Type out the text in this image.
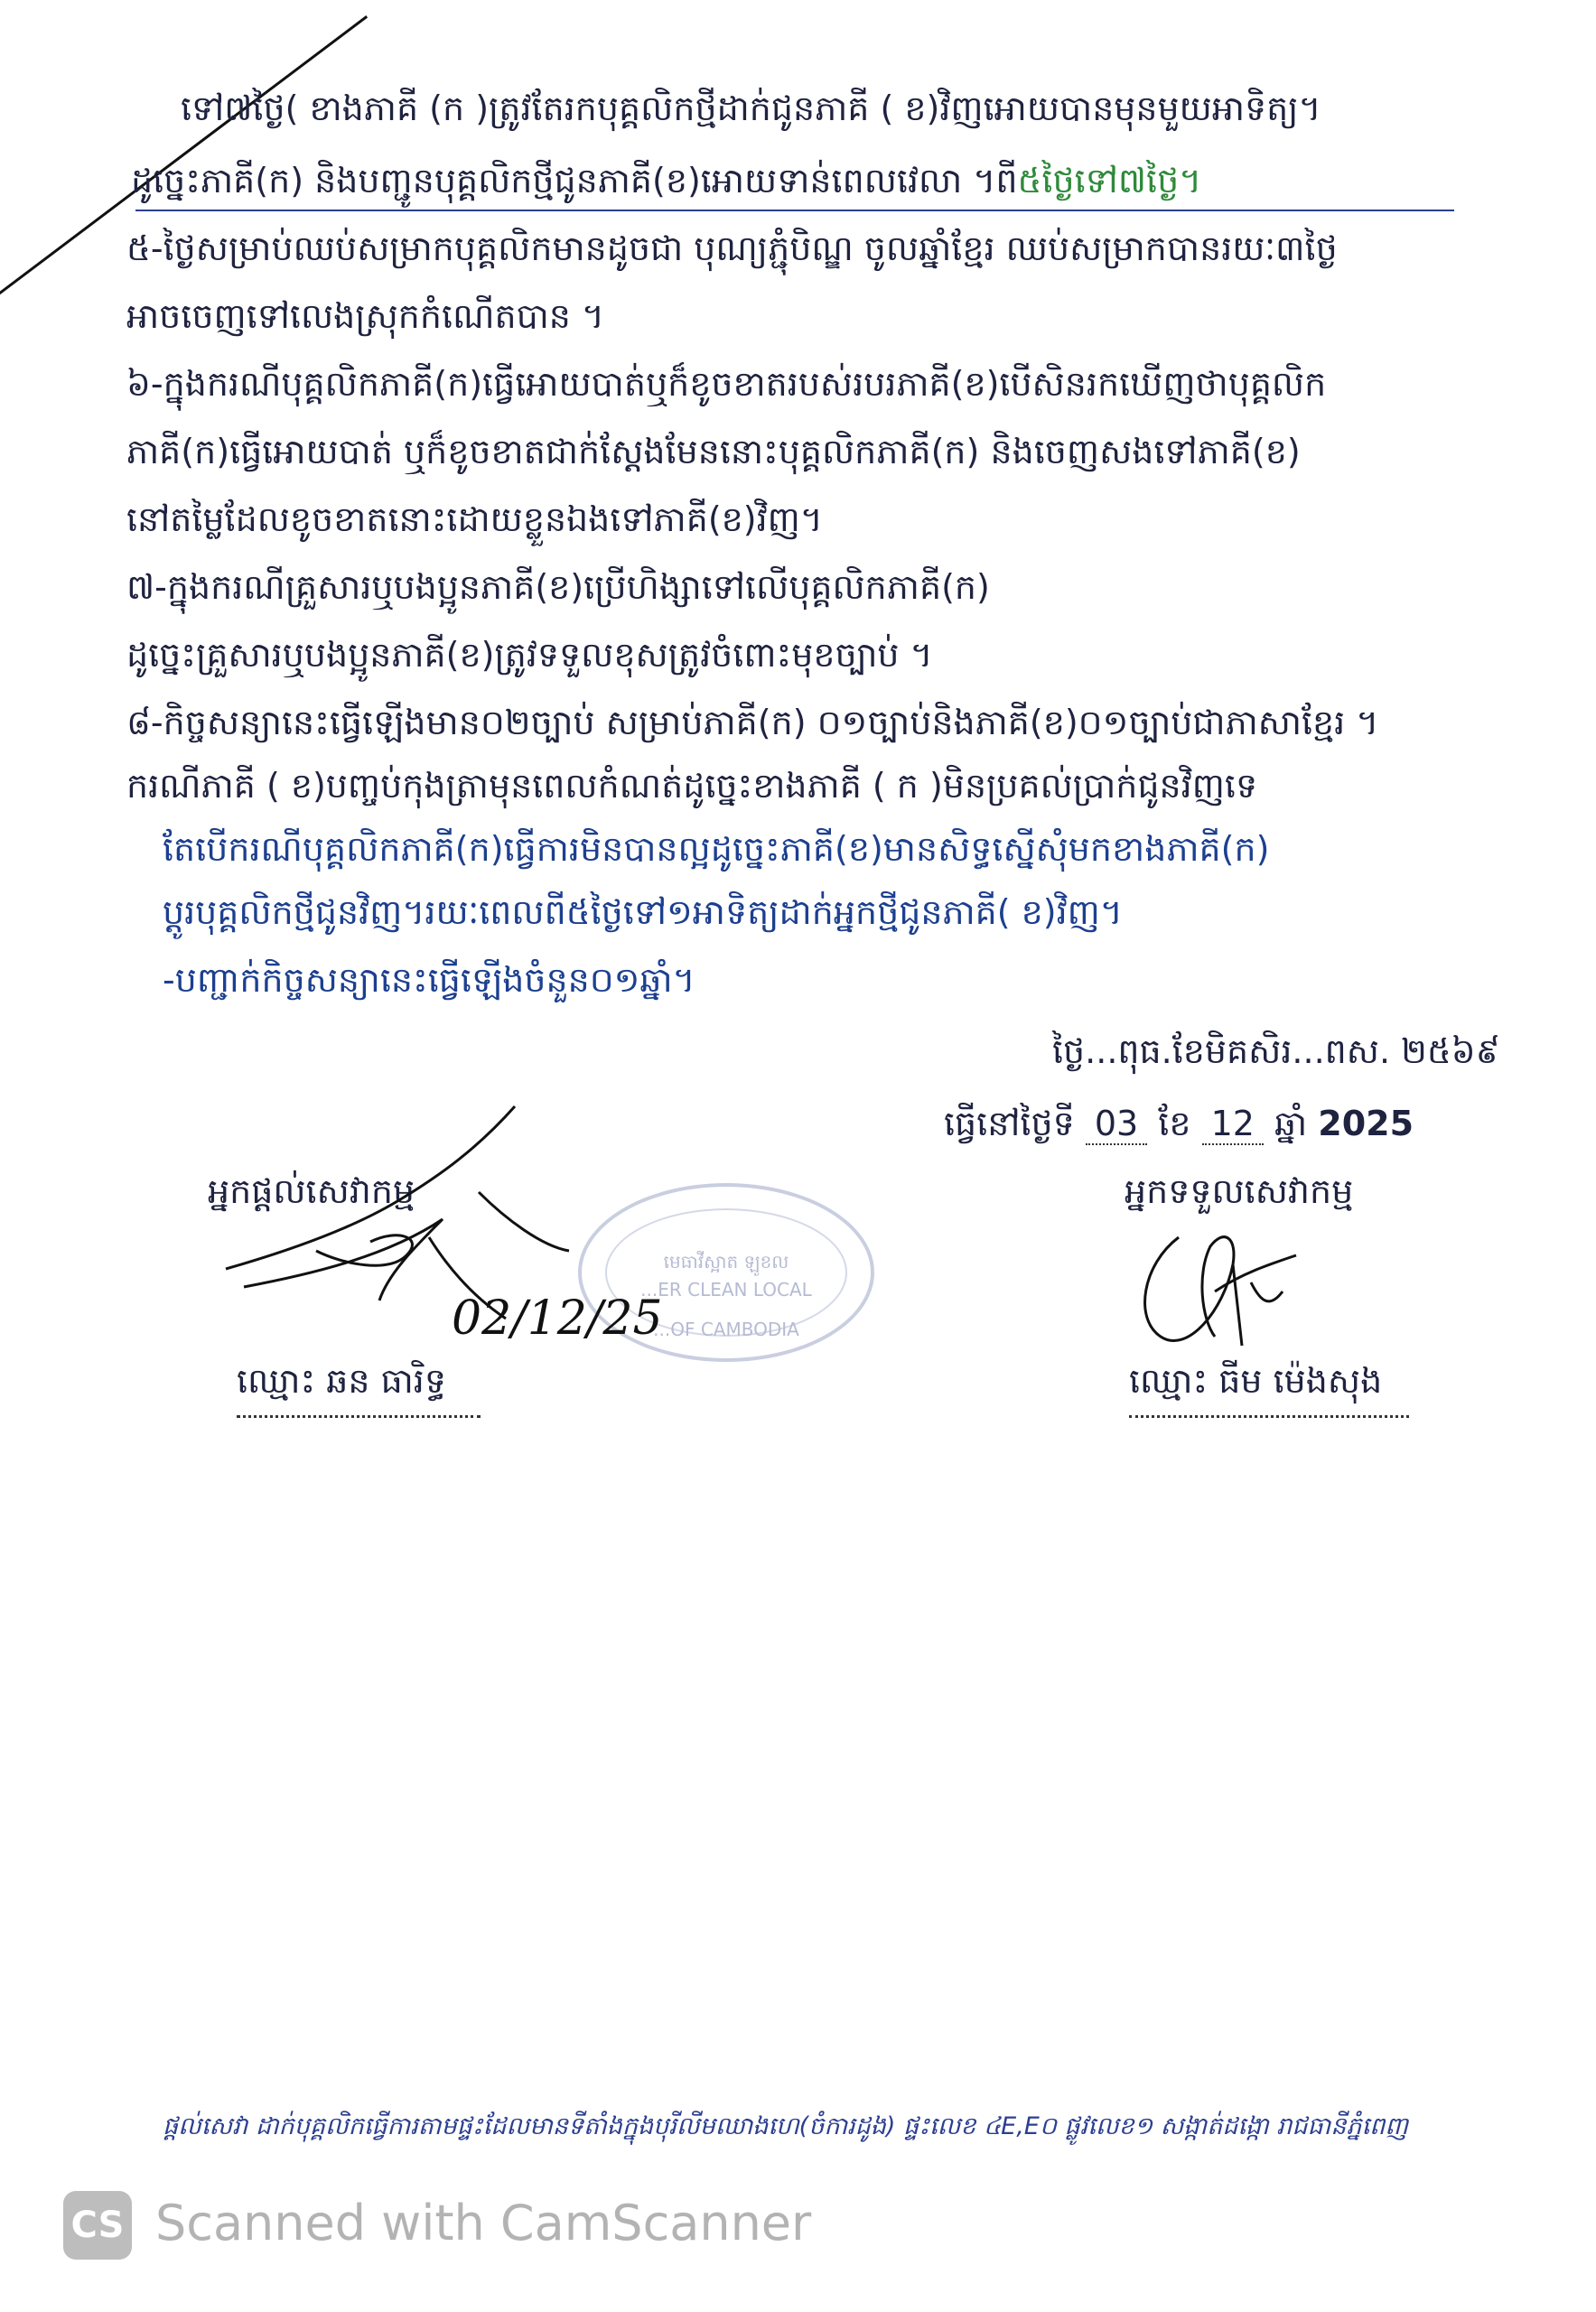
ទៅ៧ថ្ងៃ( ខាងភាគី (ក )ត្រូវតែរកបុគ្គលិកថ្មីដាក់ជូនភាគី ( ខ)វិញអោយបានមុនមួយអាទិត្យ។
ដូច្នេះភាគី(ក) និងបញ្ជូនបុគ្គលិកថ្មីជូនភាគី(ខ)អោយទាន់ពេលវេលា ។ពី៥ថ្ងៃទៅ៧ថ្ងៃ។
៥-ថ្ងៃសម្រាប់ឈប់សម្រាកបុគ្គលិកមានដូចជា បុណ្យភ្ជុំបិណ្ឌ ចូលឆ្នាំខ្មែរ ឈប់សម្រាកបានរយៈ៣ថ្ងៃ
អាចចេញទៅលេងស្រុកកំណើតបាន ។
៦-ក្នុងករណីបុគ្គលិកភាគី(ក)ធ្វើអោយបាត់ឬក៏ខូចខាតរបស់របរភាគី(ខ)បើសិនរកឃើញថាបុគ្គលិក
ភាគី(ក)ធ្វើអោយបាត់ ឬក៏ខូចខាតជាក់ស្តែងមែននោះបុគ្គលិកភាគី(ក) និងចេញសងទៅភាគី(ខ)
នៅតម្លៃដែលខូចខាតនោះដោយខ្លួនឯងទៅភាគី(ខ)វិញ។
៧-ក្នុងករណីគ្រួសារឬបងប្អូនភាគី(ខ)ប្រើហិង្សាទៅលើបុគ្គលិកភាគី(ក)
ដូច្នេះគ្រួសារឬបងប្អូនភាគី(ខ)ត្រូវទទួលខុសត្រូវចំពោះមុខច្បាប់ ។
៨-កិច្ចសន្យានេះធ្វើឡើងមាន០២ច្បាប់ សម្រាប់ភាគី(ក) ០១ច្បាប់និងភាគី(ខ)០១ច្បាប់ជាភាសាខ្មែរ ។
ករណីភាគី ( ខ)បញ្ចប់កុងត្រាមុនពេលកំណត់ដូច្នេះខាងភាគី ( ក )មិនប្រគល់ប្រាក់ជូនវិញទេ
តែបើករណីបុគ្គលិកភាគី(ក)ធ្វើការមិនបានល្អដូច្នេះភាគី(ខ)មានសិទ្ធស្នើសុំមកខាងភាគី(ក)
ប្តូរបុគ្គលិកថ្មីជូនវិញ។រយៈពេលពី៥ថ្ងៃទៅ១អាទិត្យដាក់អ្នកថ្មីជូនភាគី( ខ)វិញ។
-បញ្ជាក់កិច្ចសន្យានេះធ្វើឡើងចំនួន០១ឆ្នាំ។
ថ្ងៃ...ពុធ.ខែមិគសិរ...ពស. ២៥៦៩
ធ្វើនៅថ្ងៃទី 03 ខែ 12 ឆ្នាំ 2025
អ្នកផ្តល់សេវាកម្ម	អ្នកទទួលសេវាកម្ម
មេធាវីស្អាត ឡូខល
...ER CLEAN LOCAL
...OF CAMBODIA
02/12/25
ឈ្មោះ ឆន ធារិទ្ធ	ឈ្មោះ ធីម ម៉េងសុង
ផ្តល់សេវា ដាក់បុគ្គលិកធ្វើការតាមផ្ទះដែលមានទីតាំងក្នុងបុរីលីមឈាងហេ(ចំការដូង) ផ្ទះលេខ ៤E,E០ ផ្លូវលេខ១ សង្កាត់ដង្កោ រាជធានីភ្នំពេញ
CS Scanned with CamScanner
